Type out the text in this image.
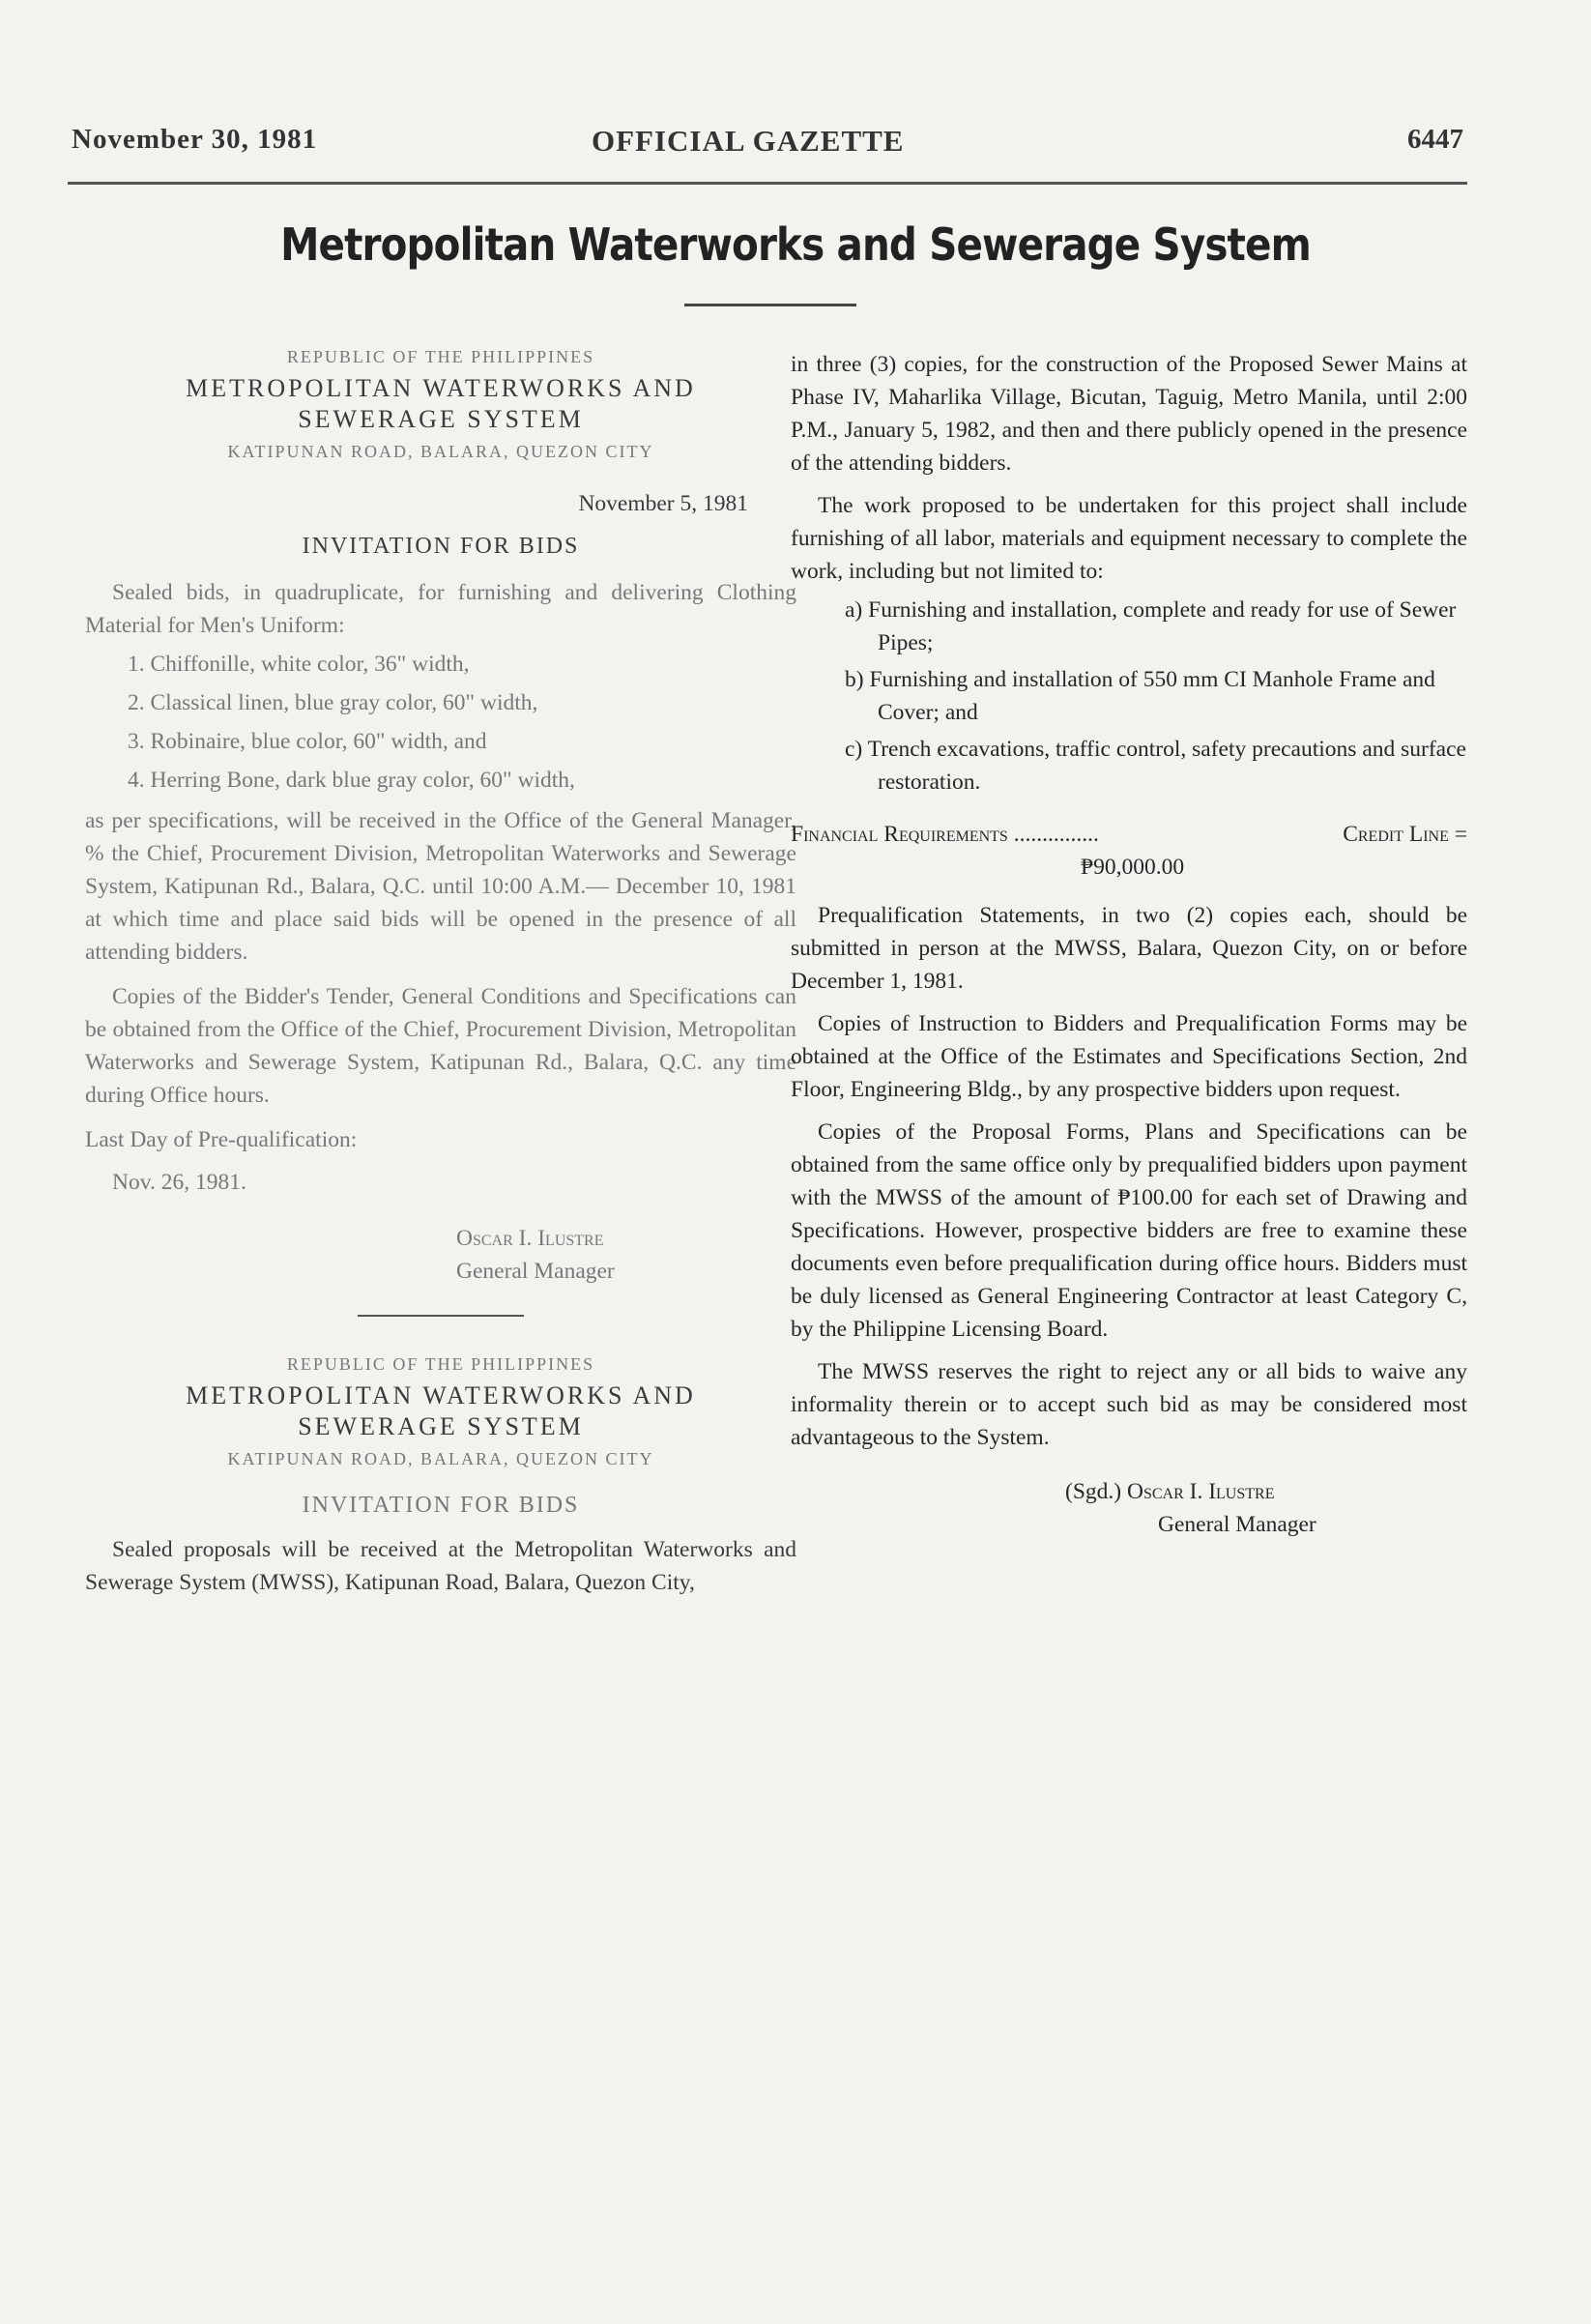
November 30, 1981	OFFICIAL GAZETTE	6447
Metropolitan Waterworks and Sewerage System
REPUBLIC OF THE PHILIPPINES
METROPOLITAN WATERWORKS AND
SEWERAGE SYSTEM
KATIPUNAN ROAD, BALARA, QUEZON CITY
November 5, 1981
INVITATION FOR BIDS

Sealed bids, in quadruplicate, for furnishing and delivering Clothing Material for Men's Uniform:

1. Chiffonille, white color, 36" width,
2. Classical linen, blue gray color, 60" width,
3. Robinaire, blue color, 60" width, and
4. Herring Bone, dark blue gray color, 60" width,

as per specifications, will be received in the Office of the General Manager, % the Chief, Procurement Division, Metropolitan Waterworks and Sewerage System, Katipunan Rd., Balara, Q.C. until 10:00 A.M.— December 10, 1981 at which time and place said bids will be opened in the presence of all attending bidders.

Copies of the Bidder's Tender, General Conditions and Specifications can be obtained from the Office of the Chief, Procurement Division, Metropolitan Waterworks and Sewerage System, Katipunan Rd., Balara, Q.C. any time during Office hours.

Last Day of Pre-qualification:
Nov. 26, 1981.
Oscar I. Ilustre
General Manager
REPUBLIC OF THE PHILIPPINES
METROPOLITAN WATERWORKS AND
SEWERAGE SYSTEM
KATIPUNAN ROAD, BALARA, QUEZON CITY
INVITATION FOR BIDS

Sealed proposals will be received at the Metropolitan Waterworks and Sewerage System (MWSS), Katipunan Road, Balara, Quezon City,

in three (3) copies, for the construction of the Proposed Sewer Mains at Phase IV, Maharlika Village, Bicutan, Taguig, Metro Manila, until 2:00 P.M., January 5, 1982, and then and there publicly opened in the presence of the attending bidders.

The work proposed to be undertaken for this project shall include furnishing of all labor, materials and equipment necessary to complete the work, including but not limited to:

a) Furnishing and installation, complete and ready for use of Sewer Pipes;
b) Furnishing and installation of 550 mm CI Manhole Frame and Cover; and
c) Trench excavations, traffic control, safety precautions and surface restoration.
Financial Requirements ...............	Credit Line =
₱90,000.00

Prequalification Statements, in two (2) copies each, should be submitted in person at the MWSS, Balara, Quezon City, on or before December 1, 1981.

Copies of Instruction to Bidders and Prequalification Forms may be obtained at the Office of the Estimates and Specifications Section, 2nd Floor, Engineering Bldg., by any prospective bidders upon request.

Copies of the Proposal Forms, Plans and Specifications can be obtained from the same office only by prequalified bidders upon payment with the MWSS of the amount of ₱100.00 for each set of Drawing and Specifications. However, prospective bidders are free to examine these documents even before prequalification during office hours. Bidders must be duly licensed as General Engineering Contractor at least Category C, by the Philippine Licensing Board.

The MWSS reserves the right to reject any or all bids to waive any informality therein or to accept such bid as may be considered most advantageous to the System.

(Sgd.) Oscar I. Ilustre
General Manager
